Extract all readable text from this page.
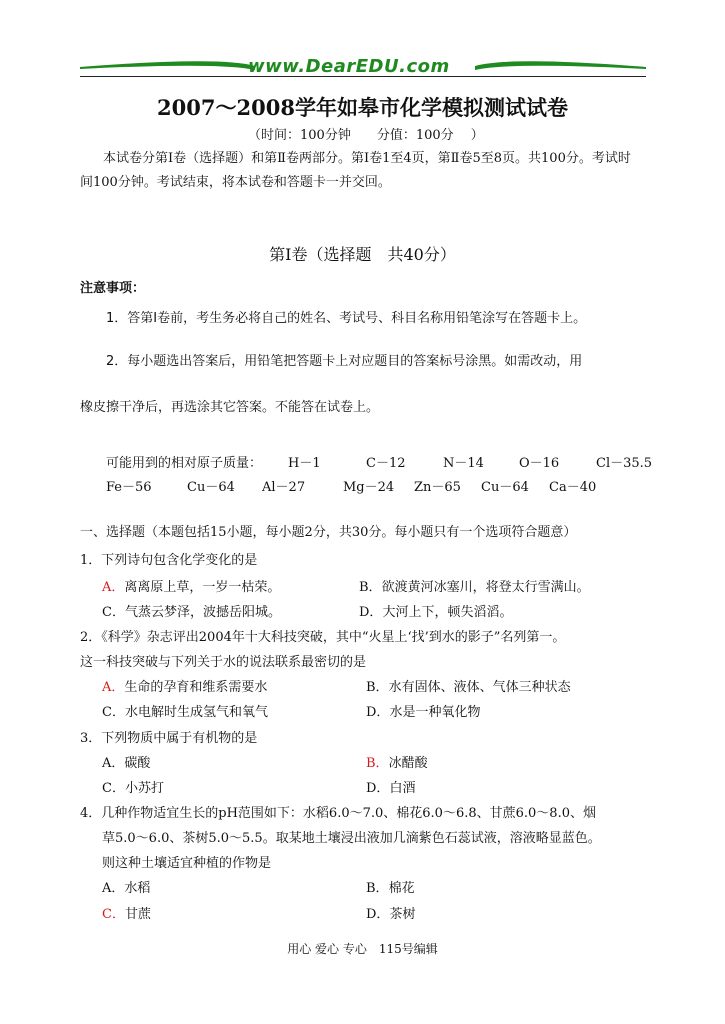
www.DearEDU.com
2007～2008学年如皋市化学模拟测试试卷
（时间：100分钟　　分值：100分　 ）
本试卷分第Ⅰ卷（选择题）和第Ⅱ卷两部分。第Ⅰ卷1至4页，第Ⅱ卷5至8页。共100分。考试时
间100分钟。考试结束，将本试卷和答题卡一并交回。
第Ⅰ卷（选择题　共40分）
注意事项：
1．答第Ⅰ卷前，考生务必将自己的姓名、考试号、科目名称用铅笔涂写在答题卡上。
2．每小题选出答案后，用铅笔把答题卡上对应题目的答案标号涂黑。如需改动，用
橡皮擦干净后，再选涂其它答案。不能答在试卷上。
可能用到的相对原子质量： H－1	C－12	N－14	O－16	Cl－35.5
Fe－56	Cu－64 Al－27	Mg－24 Zn－65 Cu－64 Ca－40
一、选择题（本题包括15小题，每小题2分，共30分。每小题只有一个选项符合题意）
1．下列诗句包含化学变化的是
A．离离原上草，一岁一枯荣。	B．欲渡黄河冰塞川，将登太行雪满山。
C．气蒸云梦泽，波撼岳阳城。	D．大河上下，顿失滔滔。
2．《科学》杂志评出2004年十大科技突破，其中“火星上‘找’到水的影子”名列第一。
这一科技突破与下列关于水的说法联系最密切的是
A．生命的孕育和维系需要水	B．水有固体、液体、气体三种状态
C．水电解时生成氢气和氧气	D．水是一种氧化物
3．下列物质中属于有机物的是
A．碳酸	B．冰醋酸
C．小苏打	D．白酒
4．几种作物适宜生长的pH范围如下：水稻6.0～7.0、棉花6.0～6.8、甘蔗6.0～8.0、烟
草5.0～6.0、茶树5.0～5.5。取某地土壤浸出液加几滴紫色石蕊试液，溶液略显蓝色。
则这种土壤适宜种植的作物是
A．水稻	B．棉花
C．甘蔗	D．茶树
用心 爱心 专心　115号编辑
